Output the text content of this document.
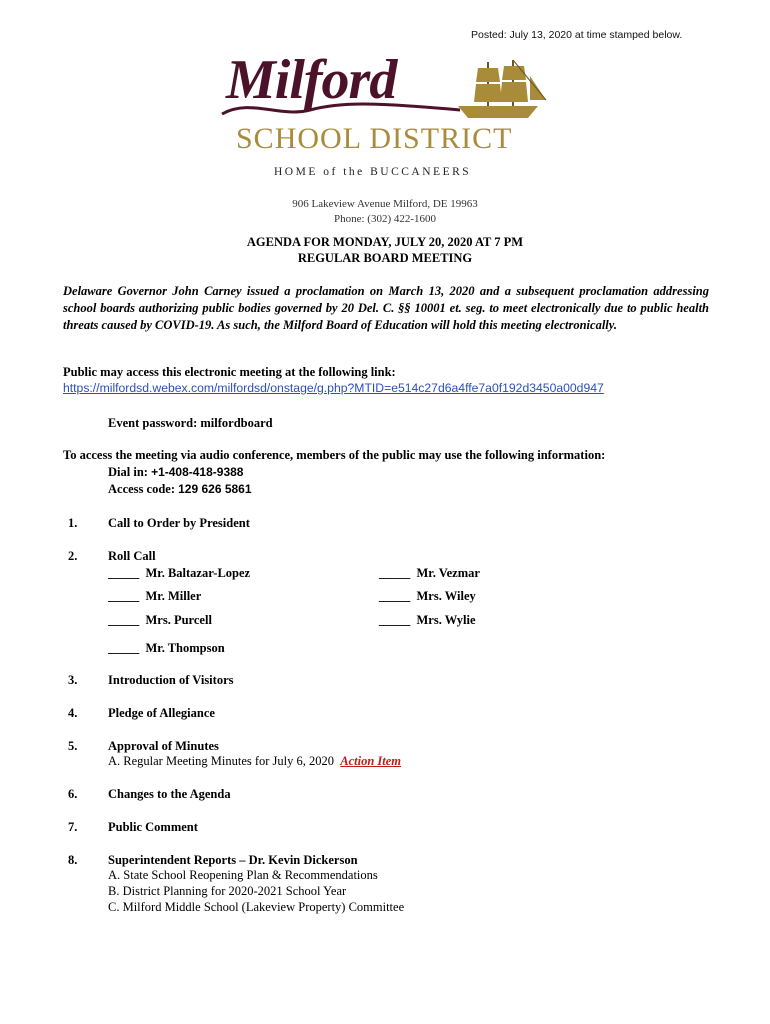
Posted: July 13, 2020 at time stamped below.
Milford
SCHOOL DISTRICT
HOME of the BUCCANEERS
906 Lakeview Avenue Milford, DE 19963
Phone: (302) 422-1600
AGENDA FOR MONDAY, JULY 20, 2020 AT 7 PM
REGULAR BOARD MEETING
Delaware Governor John Carney issued a proclamation on March 13, 2020 and a subsequent proclamation addressing school boards authorizing public bodies governed by 20 Del. C. §§ 10001 et. seg. to meet electronically due to public health threats caused by COVID-19. As such, the Milford Board of Education will hold this meeting electronically.
Public may access this electronic meeting at the following link:
https://milfordsd.webex.com/milfordsd/onstage/g.php?MTID=e514c27d6a4ffe7a0f192d3450a00d947
Event password: milfordboard
To access the meeting via audio conference, members of the public may use the following information:
Dial in: +1-408-418-9388
Access code: 129 626 5861
1. Call to Order by President
2. Roll Call
_____ Mr. Baltazar-Lopez
_____ Mr. Miller
_____ Mrs. Purcell
_____ Mr. Thompson
_____ Mr. Vezmar
_____ Mrs. Wiley
_____ Mrs. Wylie
3. Introduction of Visitors
4. Pledge of Allegiance
5. Approval of Minutes
A. Regular Meeting Minutes for July 6, 2020 Action Item
6. Changes to the Agenda
7. Public Comment
8. Superintendent Reports – Dr. Kevin Dickerson
A. State School Reopening Plan & Recommendations
B. District Planning for 2020-2021 School Year
C. Milford Middle School (Lakeview Property) Committee
